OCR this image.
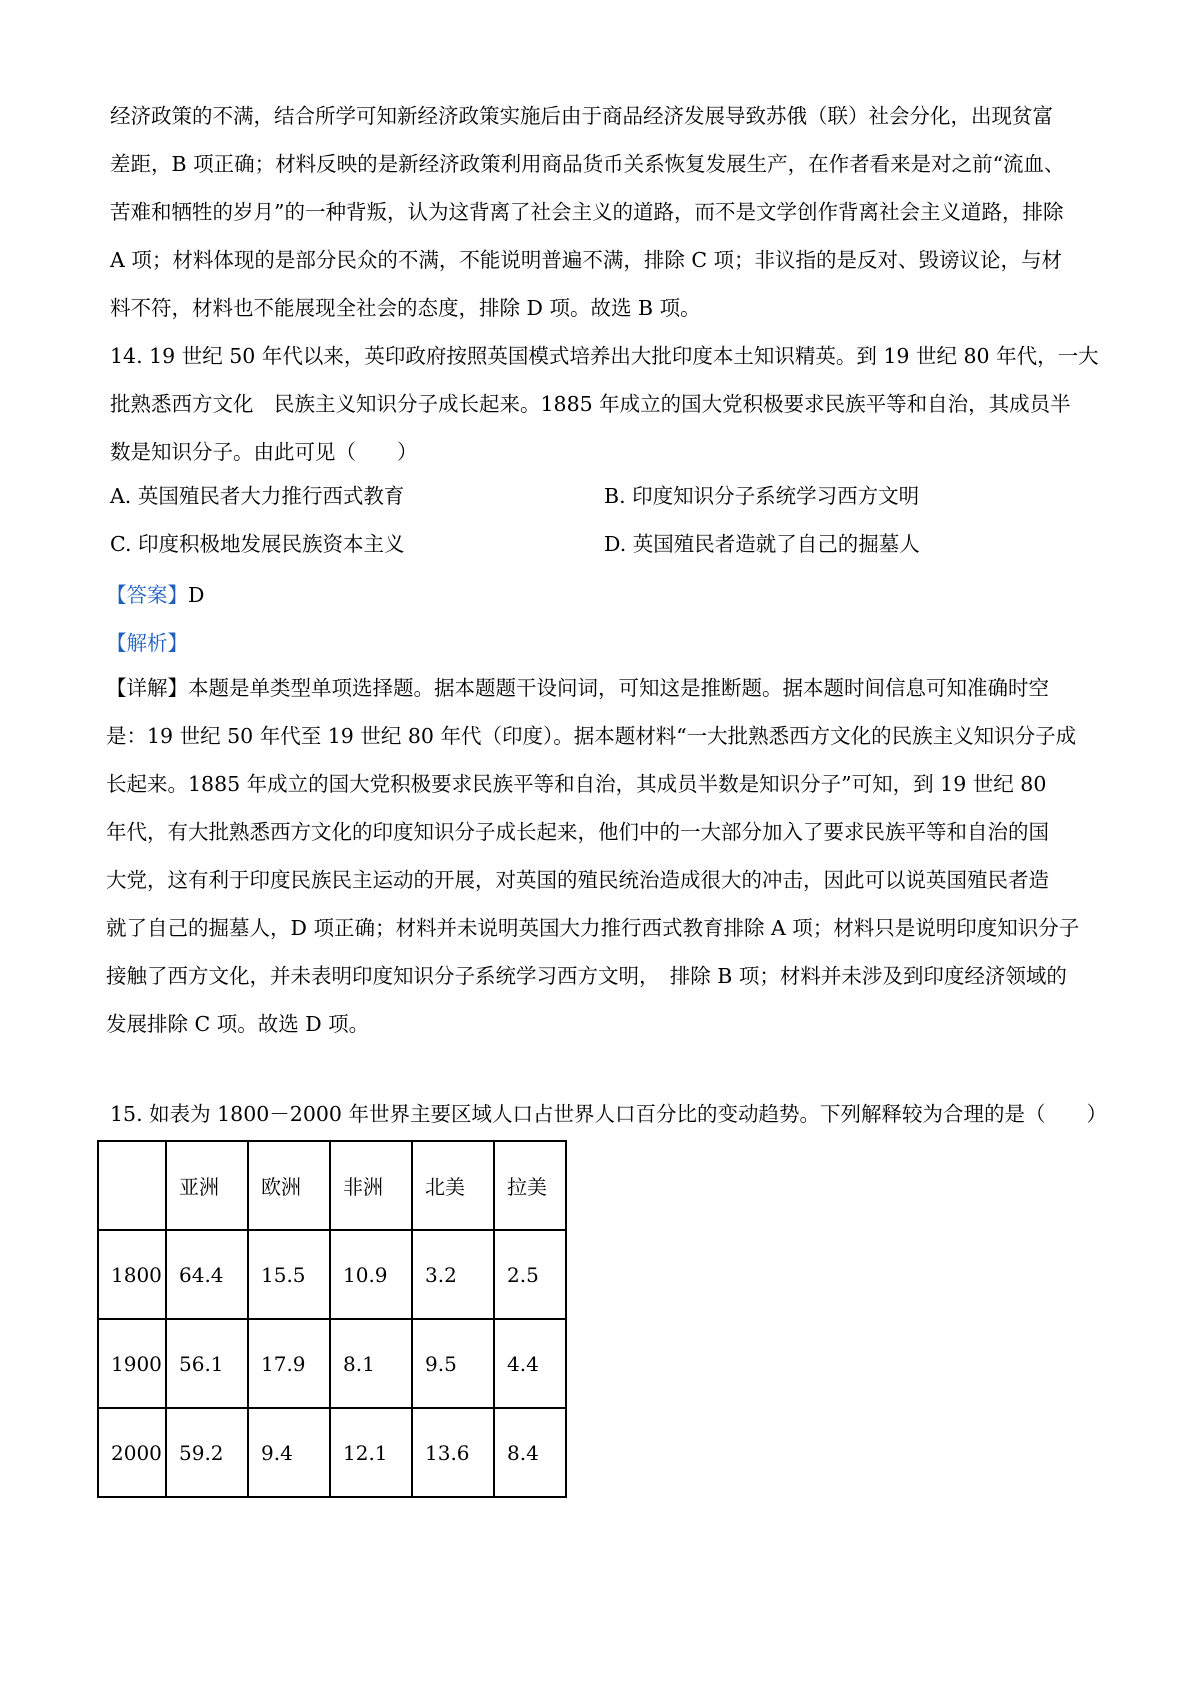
经济政策的不满，结合所学可知新经济政策实施后由于商品经济发展导致苏俄（联）社会分化，出现贫富
差距，B 项正确；材料反映的是新经济政策利用商品货币关系恢复发展生产，在作者看来是对之前“流血、
苦难和牺牲的岁月”的一种背叛，认为这背离了社会主义的道路，而不是文学创作背离社会主义道路，排除
A 项；材料体现的是部分民众的不满，不能说明普遍不满，排除 C 项；非议指的是反对、毁谤议论，与材
料不符，材料也不能展现全社会的态度，排除 D 项。故选 B 项。
14. 19 世纪 50 年代以来，英印政府按照英国模式培养出大批印度本土知识精英。到 19 世纪 80 年代，一大
批熟悉西方文化　民族主义知识分子成长起来。1885 年成立的国大党积极要求民族平等和自治，其成员半
数是知识分子。由此可见（　　）
A. 英国殖民者大力推行西式教育	B. 印度知识分子系统学习西方文明
C. 印度积极地发展民族资本主义	D. 英国殖民者造就了自己的掘墓人
【答案】D
【解析】
【详解】本题是单类型单项选择题。据本题题干设问词，可知这是推断题。据本题时间信息可知准确时空
是：19 世纪 50 年代至 19 世纪 80 年代（印度）。据本题材料“一大批熟悉西方文化的民族主义知识分子成
长起来。1885 年成立的国大党积极要求民族平等和自治，其成员半数是知识分子”可知，到 19 世纪 80
年代，有大批熟悉西方文化的印度知识分子成长起来，他们中的一大部分加入了要求民族平等和自治的国
大党，这有利于印度民族民主运动的开展，对英国的殖民统治造成很大的冲击，因此可以说英国殖民者造
就了自己的掘墓人，D 项正确；材料并未说明英国大力推行西式教育排除 A 项；材料只是说明印度知识分子
接触了西方文化，并未表明印度知识分子系统学习西方文明，　排除 B 项；材料并未涉及到印度经济领域的
发展排除 C 项。故选 D 项。
15. 如表为 1800－2000 年世界主要区域人口占世界人口百分比的变动趋势。下列解释较为合理的是（　　）
	亚洲	欧洲	非洲	北美	拉美
1800	64.4	15.5	10.9	3.2	2.5
1900	56.1	17.9	8.1	9.5	4.4
2000	59.2	9.4	12.1	13.6	8.4
